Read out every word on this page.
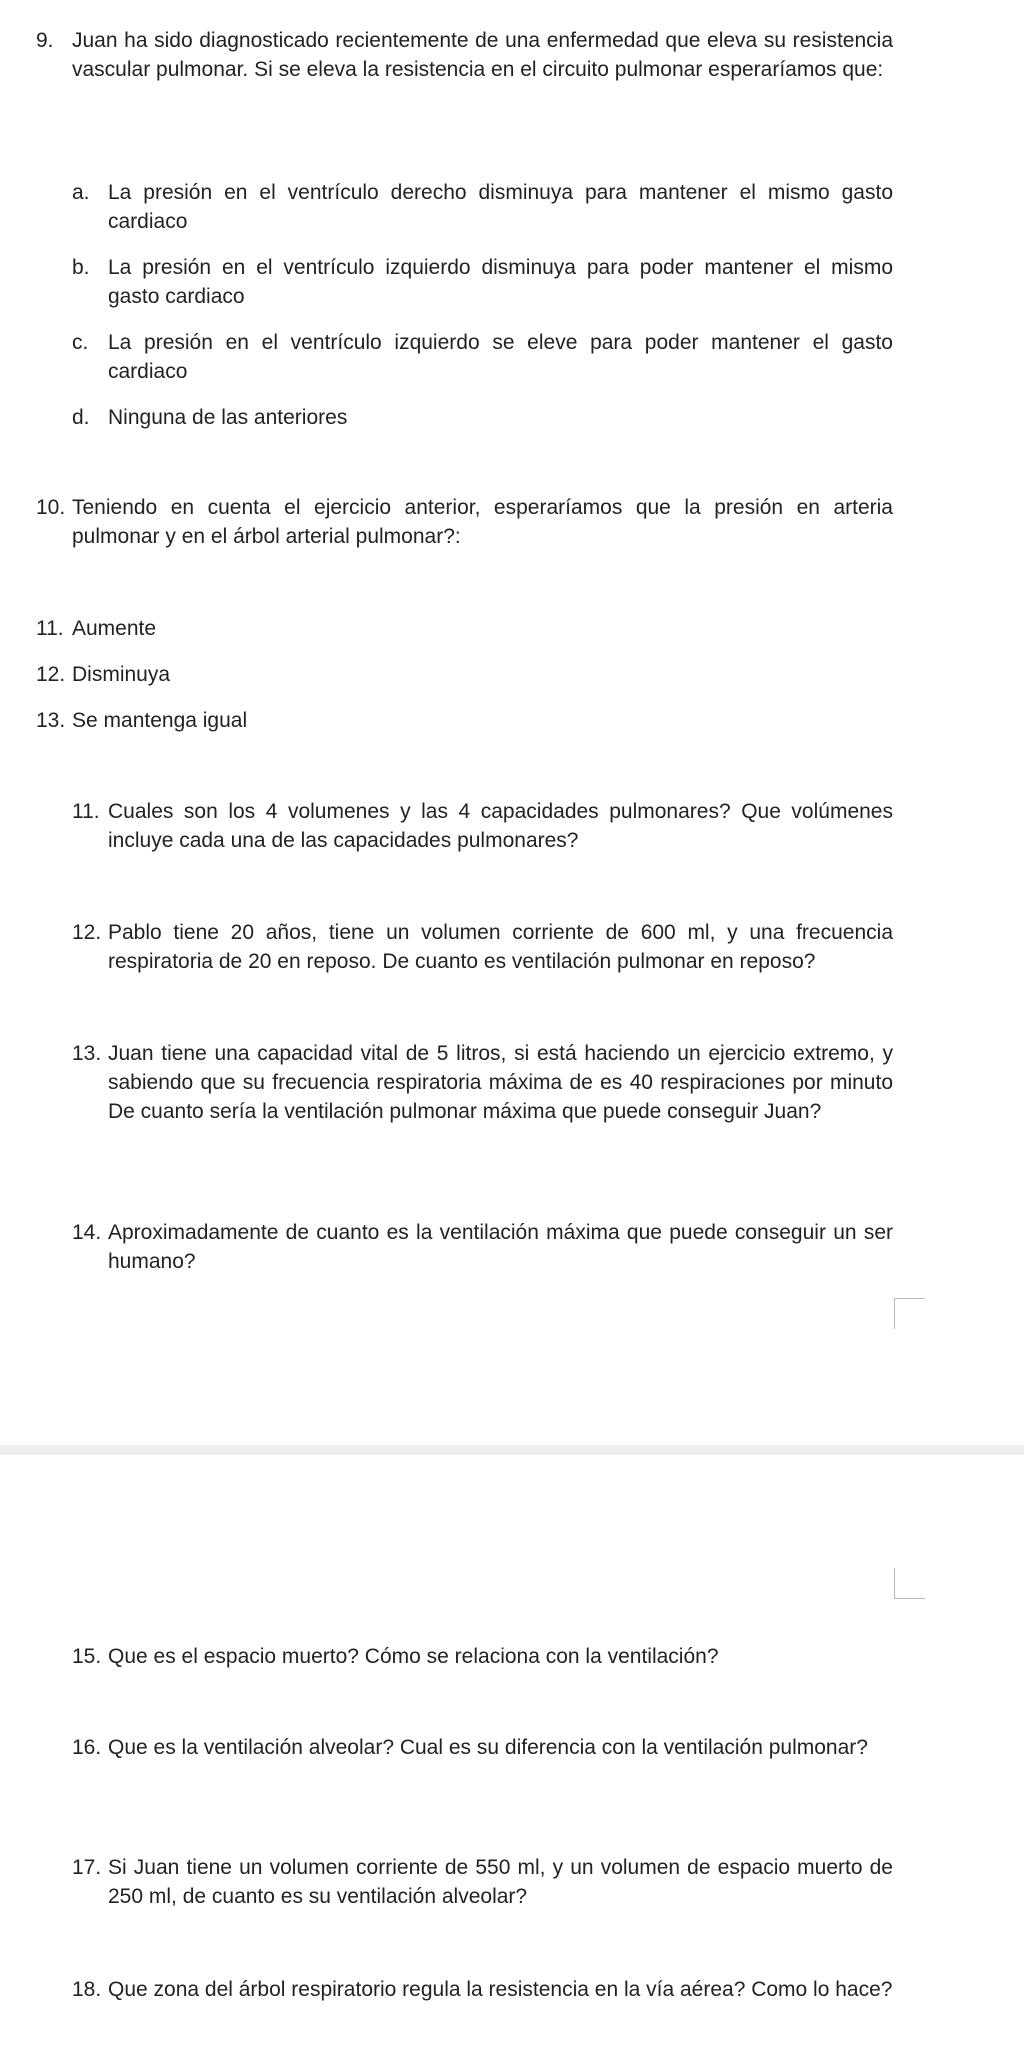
9. Juan ha sido diagnosticado recientemente de una enfermedad que eleva su resistencia vascular pulmonar. Si se eleva la resistencia en el circuito pulmonar esperaríamos que:
a. La presión en el ventrículo derecho disminuya para mantener el mismo gasto cardiaco
b. La presión en el ventrículo izquierdo disminuya para poder mantener el mismo gasto cardiaco
c. La presión en el ventrículo izquierdo se eleve para poder mantener el gasto cardiaco
d. Ninguna de las anteriores
10. Teniendo en cuenta el ejercicio anterior, esperaríamos que la presión en arteria pulmonar y en el árbol arterial pulmonar?:
11. Aumente
12. Disminuya
13. Se mantenga igual
11. Cuales son los 4 volumenes y las 4 capacidades pulmonares? Que volúmenes incluye cada una de las capacidades pulmonares?
12. Pablo tiene 20 años, tiene un volumen corriente de 600 ml, y una frecuencia respiratoria de 20 en reposo. De cuanto es ventilación pulmonar en reposo?
13. Juan tiene una capacidad vital de 5 litros, si está haciendo un ejercicio extremo, y sabiendo que su frecuencia respiratoria máxima de es 40 respiraciones por minuto De cuanto sería la ventilación pulmonar máxima que puede conseguir Juan?
14. Aproximadamente de cuanto es la ventilación máxima que puede conseguir un ser humano?
15. Que es el espacio muerto? Cómo se relaciona con la ventilación?
16. Que es la ventilación alveolar? Cual es su diferencia con la ventilación pulmonar?
17. Si Juan tiene un volumen corriente de 550 ml, y un volumen de espacio muerto de 250 ml, de cuanto es su ventilación alveolar?
18. Que zona del árbol respiratorio regula la resistencia en la vía aérea? Como lo hace?
